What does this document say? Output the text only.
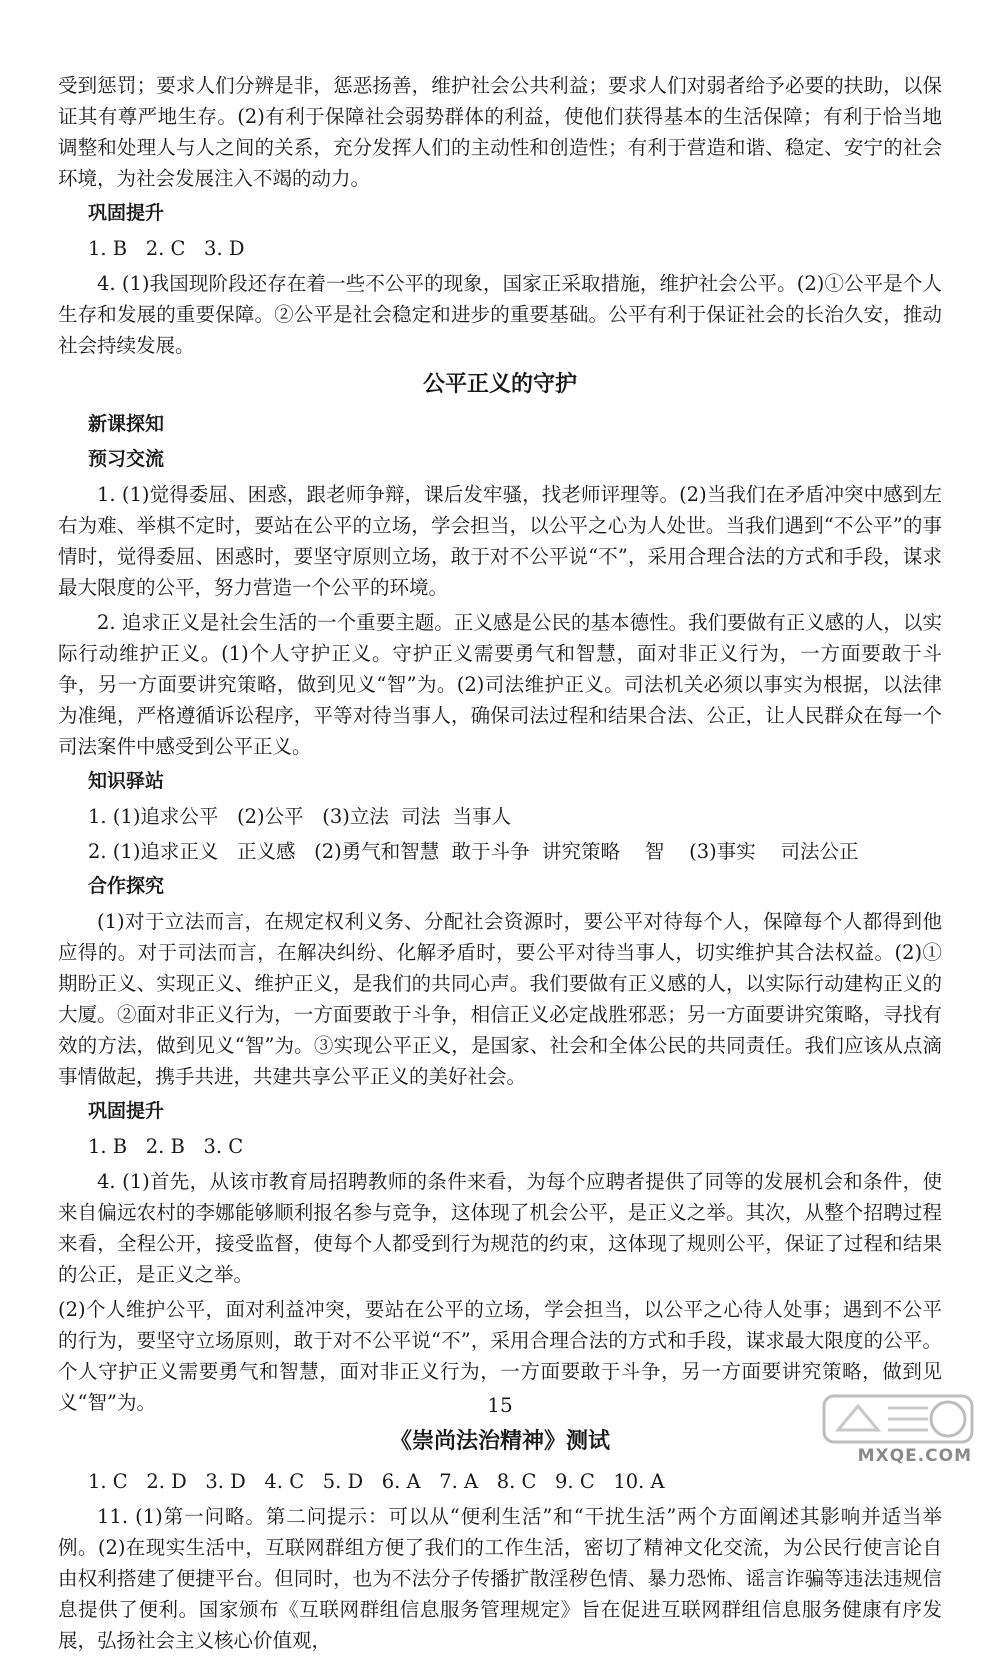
受到惩罚；要求人们分辨是非，惩恶扬善，维护社会公共利益；要求人们对弱者给予必要的扶助，以保证其有尊严地生存。(2)有利于保障社会弱势群体的利益，使他们获得基本的生活保障；有利于恰当地调整和处理人与人之间的关系，充分发挥人们的主动性和创造性；有利于营造和谐、稳定、安宁的社会环境，为社会发展注入不竭的动力。
巩固提升
1. B   2. C   3. D
4. (1)我国现阶段还存在着一些不公平的现象，国家正采取措施，维护社会公平。(2)①公平是个人生存和发展的重要保障。②公平是社会稳定和进步的重要基础。公平有利于保证社会的长治久安，推动社会持续发展。
公平正义的守护
新课探知
预习交流
1. (1)觉得委屈、困惑，跟老师争辩，课后发牢骚，找老师评理等。(2)当我们在矛盾冲突中感到左右为难、举棋不定时，要站在公平的立场，学会担当，以公平之心为人处世。当我们遇到“不公平”的事情时，觉得委屈、困惑时，要坚守原则立场，敢于对不公平说“不”，采用合理合法的方式和手段，谋求最大限度的公平，努力营造一个公平的环境。
2. 追求正义是社会生活的一个重要主题。正义感是公民的基本德性。我们要做有正义感的人，以实际行动维护正义。(1)个人守护正义。守护正义需要勇气和智慧，面对非正义行为，一方面要敢于斗争，另一方面要讲究策略，做到见义“智”为。(2)司法维护正义。司法机关必须以事实为根据，以法律为准绳，严格遵循诉讼程序，平等对待当事人，确保司法过程和结果合法、公正，让人民群众在每一个司法案件中感受到公平正义。
知识驿站
1. (1)追求公平   (2)公平   (3)立法  司法  当事人
2. (1)追求正义   正义感   (2)勇气和智慧  敢于斗争  讲究策略    智    (3)事实    司法公正
合作探究
(1)对于立法而言，在规定权利义务、分配社会资源时，要公平对待每个人，保障每个人都得到他应得的。对于司法而言，在解决纠纷、化解矛盾时，要公平对待当事人，切实维护其合法权益。(2)①期盼正义、实现正义、维护正义，是我们的共同心声。我们要做有正义感的人，以实际行动建构正义的大厦。②面对非正义行为，一方面要敢于斗争，相信正义必定战胜邪恶；另一方面要讲究策略，寻找有效的方法，做到见义“智”为。③实现公平正义，是国家、社会和全体公民的共同责任。我们应该从点滴事情做起，携手共进，共建共享公平正义的美好社会。
巩固提升
1. B   2. B   3. C
4. (1)首先，从该市教育局招聘教师的条件来看，为每个应聘者提供了同等的发展机会和条件，使来自偏远农村的李娜能够顺利报名参与竞争，这体现了机会公平，是正义之举。其次，从整个招聘过程来看，全程公开，接受监督，使每个人都受到行为规范的约束，这体现了规则公平，保证了过程和结果的公正，是正义之举。
(2)个人维护公平，面对利益冲突，要站在公平的立场，学会担当，以公平之心待人处事；遇到不公平的行为，要坚守立场原则，敢于对不公平说“不”，采用合理合法的方式和手段，谋求最大限度的公平。个人守护正义需要勇气和智慧，面对非正义行为，一方面要敢于斗争，另一方面要讲究策略，做到见义“智”为。
《崇尚法治精神》测试
1. C   2. D   3. D   4. C   5. D   6. A   7. A   8. C   9. C   10. A
11. (1)第一问略。第二问提示：可以从“便利生活”和“干扰生活”两个方面阐述其影响并适当举例。(2)在现实生活中，互联网群组方便了我们的工作生活，密切了精神文化交流，为公民行使言论自由权利搭建了便捷平台。但同时，也为不法分子传播扩散淫秽色情、暴力恐怖、谣言诈骗等违法违规信息提供了便利。国家颁布《互联网群组信息服务管理规定》旨在促进互联网群组信息服务健康有序发展，弘扬社会主义核心价值观，
15
MXQE.COM
